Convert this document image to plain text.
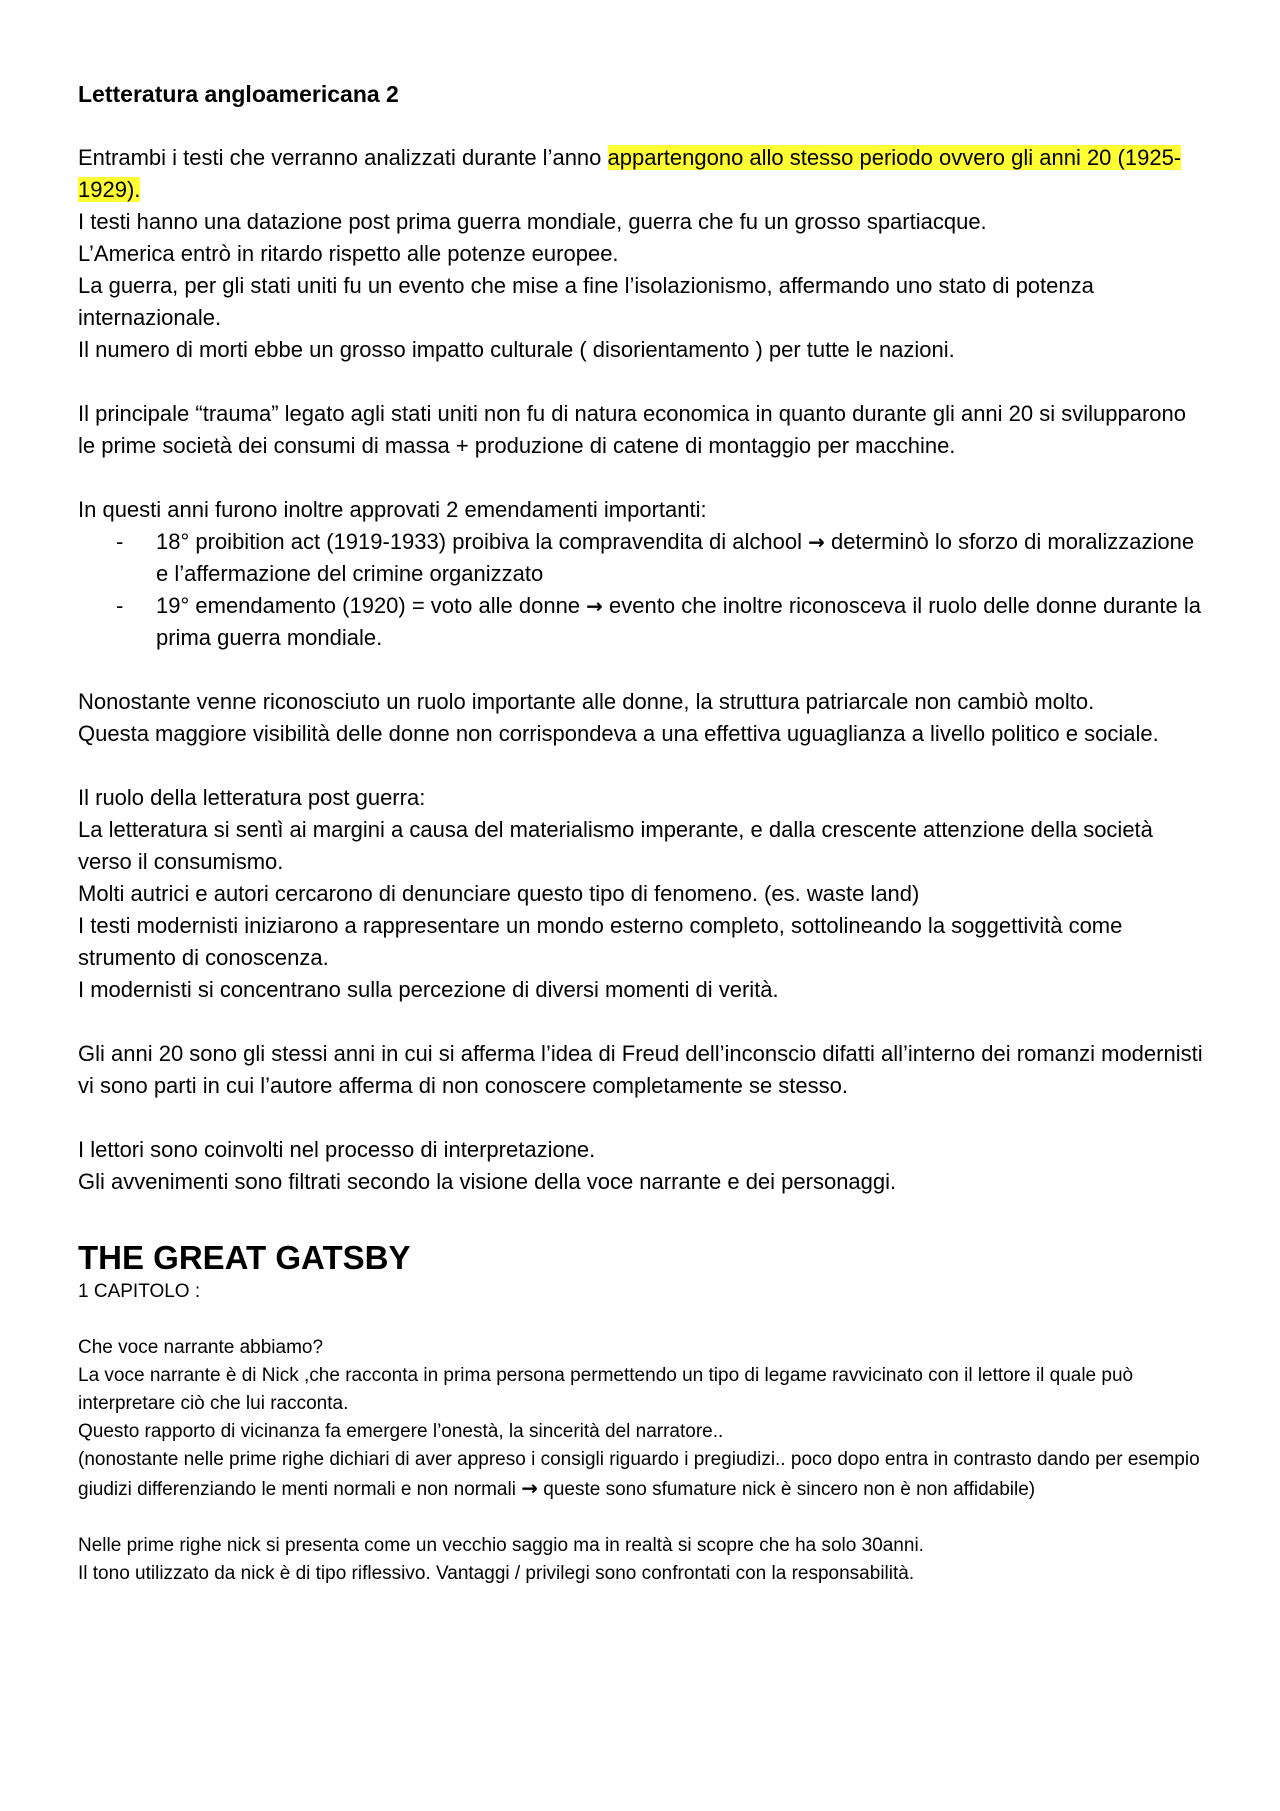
Letteratura angloamericana 2

Entrambi i testi che verranno analizzati durante l’anno appartengono allo stesso periodo ovvero gli anni 20 (1925-1929).

I testi hanno una datazione post prima guerra mondiale, guerra che fu un grosso spartiacque.

L’America entrò in ritardo rispetto alle potenze europee.

La guerra, per gli stati uniti fu un evento che mise a fine l’isolazionismo, affermando uno stato di potenza internazionale.

Il numero di morti ebbe un grosso impatto culturale ( disorientamento ) per tutte le nazioni.

Il principale “trauma” legato agli stati uniti non fu di natura economica in quanto durante gli anni 20 si svilupparono le prime società dei consumi di massa + produzione di catene di montaggio per macchine.

In questi anni furono inoltre approvati 2 emendamenti importanti:

- 18° proibition act (1919-1933) proibiva la compravendita di alchool → determinò lo sforzo di moralizzazione e l’affermazione del crimine organizzato
- 19° emendamento (1920) = voto alle donne → evento che inoltre riconosceva il ruolo delle donne durante la prima guerra mondiale.

Nonostante venne riconosciuto un ruolo importante alle donne, la struttura patriarcale non cambiò molto.

Questa maggiore visibilità delle donne non corrispondeva a una effettiva uguaglianza a livello politico e sociale.

Il ruolo della letteratura post guerra:

La letteratura si sentì ai margini a causa del materialismo imperante, e dalla crescente attenzione della società verso il consumismo.

Molti autrici e autori cercarono di denunciare questo tipo di fenomeno. (es. waste land)

I testi modernisti iniziarono a rappresentare un mondo esterno completo, sottolineando la soggettività come strumento di conoscenza.

I modernisti si concentrano sulla percezione di diversi momenti di verità.

Gli anni 20 sono gli stessi anni in cui si afferma l’idea di Freud dell’inconscio difatti all’interno dei romanzi modernisti vi sono parti in cui l’autore afferma di non conoscere completamente se stesso.

I lettori sono coinvolti nel processo di interpretazione.

Gli avvenimenti sono filtrati secondo la visione della voce narrante e dei personaggi.

THE GREAT GATSBY

1 CAPITOLO :

Che voce narrante abbiamo?

La voce narrante è di Nick ,che racconta in prima persona permettendo un tipo di legame ravvicinato con il lettore il quale può interpretare ciò che lui racconta.

Questo rapporto di vicinanza fa emergere l’onestà, la sincerità del narratore..

(nonostante nelle prime righe dichiari di aver appreso i consigli riguardo i pregiudizi.. poco dopo entra in contrasto dando per esempio giudizi differenziando le menti normali e non normali → queste sono sfumature nick è sincero non è non affidabile)

Nelle prime righe nick si presenta come un vecchio saggio ma in realtà si scopre che ha solo 30anni.

Il tono utilizzato da nick è di tipo riflessivo. Vantaggi / privilegi sono confrontati con la responsabilità.
